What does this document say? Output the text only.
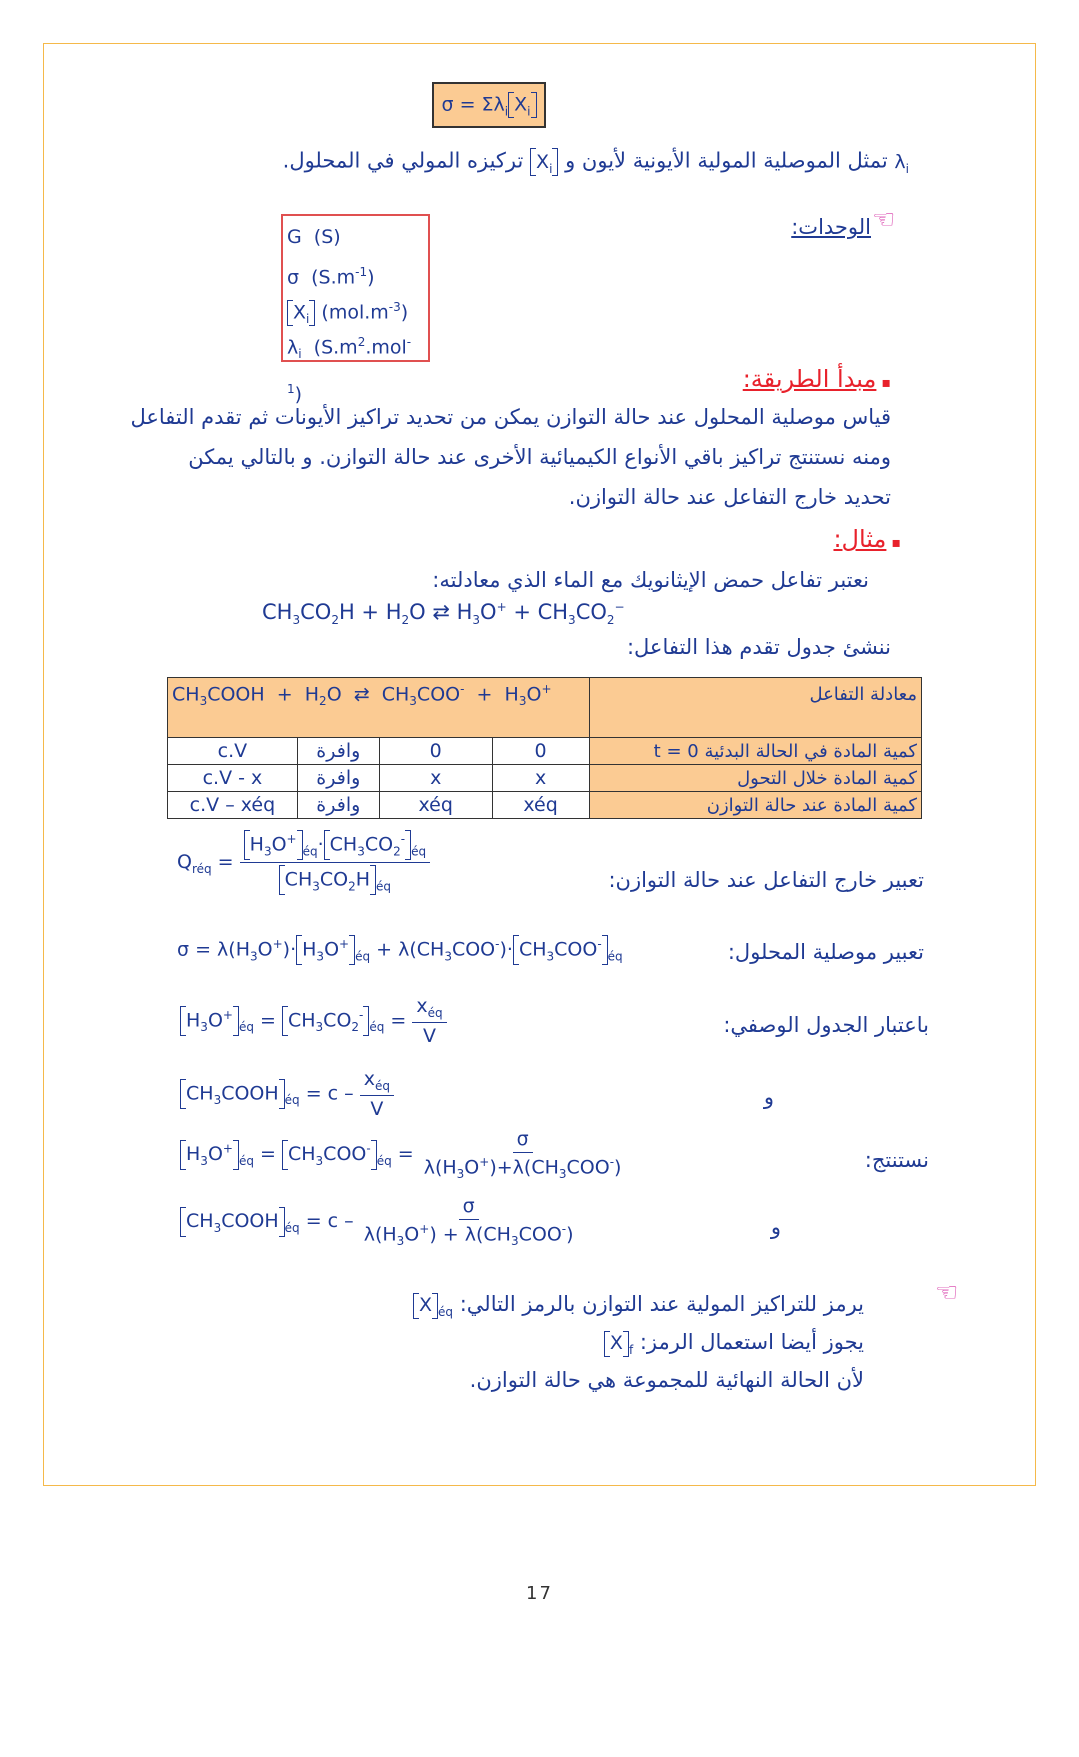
$\sigma = \Sigma\lambda_i$ $X_i$
$\lambda_i$ تمثل الموصلية المولية الأيونية لأيون و $X_i$ تركيزه المولي في المحلول.
☜
الوحدات:
G  (S)
σ  $(S.m^{-1})$
$X_i$ $(mol.m^{-3})$
$\lambda_i$  $(S.m^2.mol^{-1})$
▪ مبدأ الطريقة:
قياس موصلية المحلول عند حالة التوازن يمكن من تحديد تراكيز الأيونات ثم تقدم التفاعل
ومنه نستنتج تراكيز باقي الأنواع الكيميائية الأخرى عند حالة التوازن. و بالتالي يمكن
تحديد خارج التفاعل عند حالة التوازن.
▪ مثال:
نعتبر تفاعل حمض الإيثانويك مع الماء الذي معادلته:
$CH_3CO_2H + H_2O$ ⇄ $H_3O^+ + CH_3CO_2^-$
ننشئ جدول تقدم هذا التفاعل:
$CH_3COOH + H_2O$  ⇄  $CH_3COO^- + H_3O^+$				معادلة التفاعل
c.V	وافرة	0	0	كمية المادة في الحالة البدئية t = 0
c.V - x	وافرة	x	x	كمية المادة خلال التحول
c.V – xéq	وافرة	xéq	xéq	كمية المادة عند حالة التوازن
تعبير خارج التفاعل عند حالة التوازن:
$Q_{réq} = \frac{H_3O^+_{éq}\cdot CH_3CO_2^-_{éq}}{CH_3CO_2H _{éq}}$
تعبير موصلية المحلول:
$\sigma = \lambda(H_3O^+)\cdot H_3O^+_{éq} + \lambda(CH_3COO^-)\cdot CH_3COO^-_{éq}$
باعتبار الجدول الوصفي:
$H_3O^+_{éq} = CH_3CO_2^-_{éq} = \frac{x_{éq}}{V}$
و
$CH_3COOH$ $_{éq} = c - \frac{x_{éq}}{V}$
نستنتج:
$H_3O^+_{éq} = CH_3COO^-_{éq} = \frac{\sigma}{\lambda(H_3O^+)+\lambda(CH_3COO^-)}$
و
$CH_3COOH$ $_{éq} = c - \frac{\sigma}{\lambda(H_3O^+) + \lambda(CH_3COO^-)}$
☜
يرمز للتراكيز المولية عند التوازن بالرمز التالي: X $_{éq}$
يجوز أيضا استعمال الرمز: X $_f$
لأن الحالة النهائية للمجموعة هي حالة التوازن.
17
